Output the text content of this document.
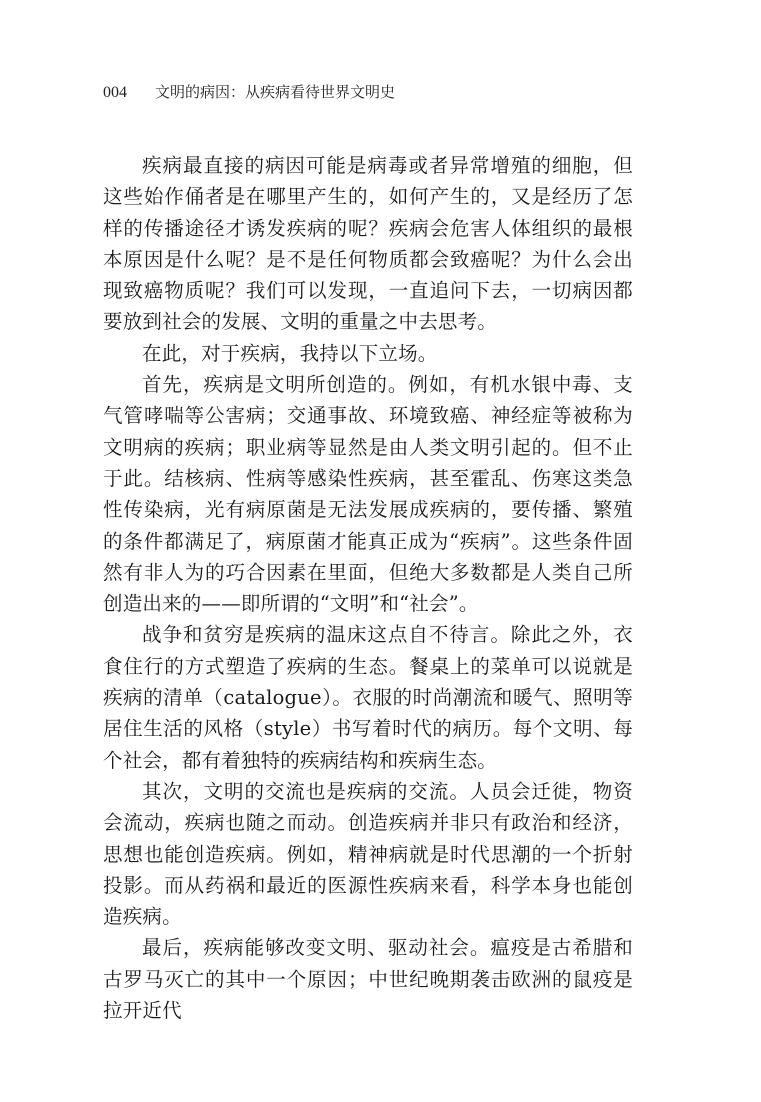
004 文明的病因：从疾病看待世界文明史

疾病最直接的病因可能是病毒或者异常增殖的细胞，但这些始作俑者是在哪里产生的，如何产生的，又是经历了怎样的传播途径才诱发疾病的呢？疾病会危害人体组织的最根本原因是什么呢？是不是任何物质都会致癌呢？为什么会出现致癌物质呢？我们可以发现，一直追问下去，一切病因都要放到社会的发展、文明的重量之中去思考。

在此，对于疾病，我持以下立场。

首先，疾病是文明所创造的。例如，有机水银中毒、支气管哮喘等公害病；交通事故、环境致癌、神经症等被称为文明病的疾病；职业病等显然是由人类文明引起的。但不止于此。结核病、性病等感染性疾病，甚至霍乱、伤寒这类急性传染病，光有病原菌是无法发展成疾病的，要传播、繁殖的条件都满足了，病原菌才能真正成为“疾病”。这些条件固然有非人为的巧合因素在里面，但绝大多数都是人类自己所创造出来的——即所谓的“文明”和“社会”。

战争和贫穷是疾病的温床这点自不待言。除此之外，衣食住行的方式塑造了疾病的生态。餐桌上的菜单可以说就是疾病的清单（catalogue）。衣服的时尚潮流和暖气、照明等居住生活的风格（style）书写着时代的病历。每个文明、每个社会，都有着独特的疾病结构和疾病生态。

其次，文明的交流也是疾病的交流。人员会迁徙，物资会流动，疾病也随之而动。创造疾病并非只有政治和经济，思想也能创造疾病。例如，精神病就是时代思潮的一个折射投影。而从药祸和最近的医源性疾病来看，科学本身也能创造疾病。

最后，疾病能够改变文明、驱动社会。瘟疫是古希腊和古罗马灭亡的其中一个原因；中世纪晚期袭击欧洲的鼠疫是拉开近代
